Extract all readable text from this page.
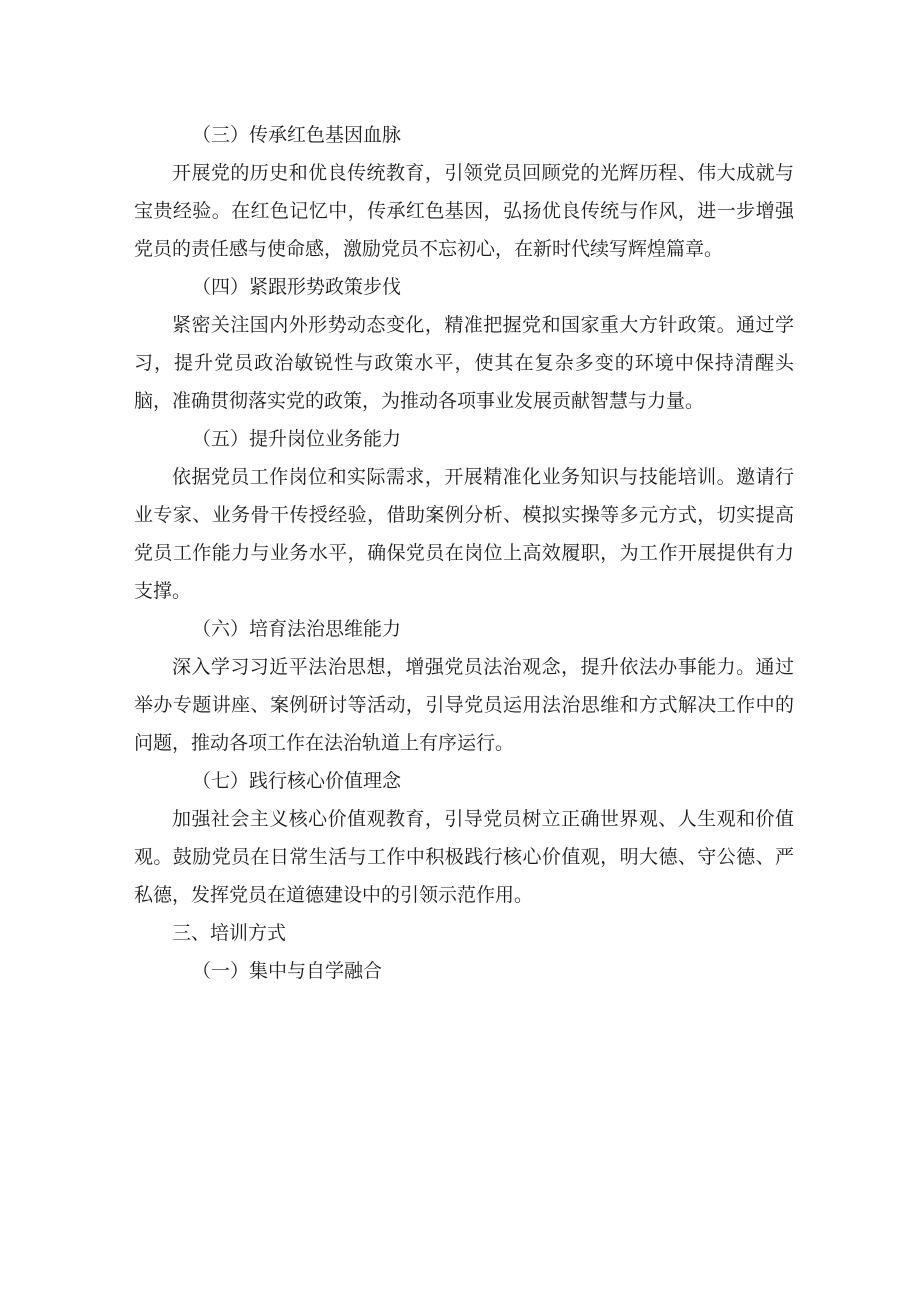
（三）传承红色基因血脉

开展党的历史和优良传统教育，引领党员回顾党的光辉历程、伟大成就与宝贵经验。在红色记忆中，传承红色基因，弘扬优良传统与作风，进一步增强党员的责任感与使命感，激励党员不忘初心，在新时代续写辉煌篇章。

（四）紧跟形势政策步伐

紧密关注国内外形势动态变化，精准把握党和国家重大方针政策。通过学习，提升党员政治敏锐性与政策水平，使其在复杂多变的环境中保持清醒头脑，准确贯彻落实党的政策，为推动各项事业发展贡献智慧与力量。

（五）提升岗位业务能力

依据党员工作岗位和实际需求，开展精准化业务知识与技能培训。邀请行业专家、业务骨干传授经验，借助案例分析、模拟实操等多元方式，切实提高党员工作能力与业务水平，确保党员在岗位上高效履职，为工作开展提供有力支撑。

（六）培育法治思维能力

深入学习习近平法治思想，增强党员法治观念，提升依法办事能力。通过举办专题讲座、案例研讨等活动，引导党员运用法治思维和方式解决工作中的问题，推动各项工作在法治轨道上有序运行。

（七）践行核心价值理念

加强社会主义核心价值观教育，引导党员树立正确世界观、人生观和价值观。鼓励党员在日常生活与工作中积极践行核心价值观，明大德、守公德、严私德，发挥党员在道德建设中的引领示范作用。

三、培训方式
（一）集中与自学融合
